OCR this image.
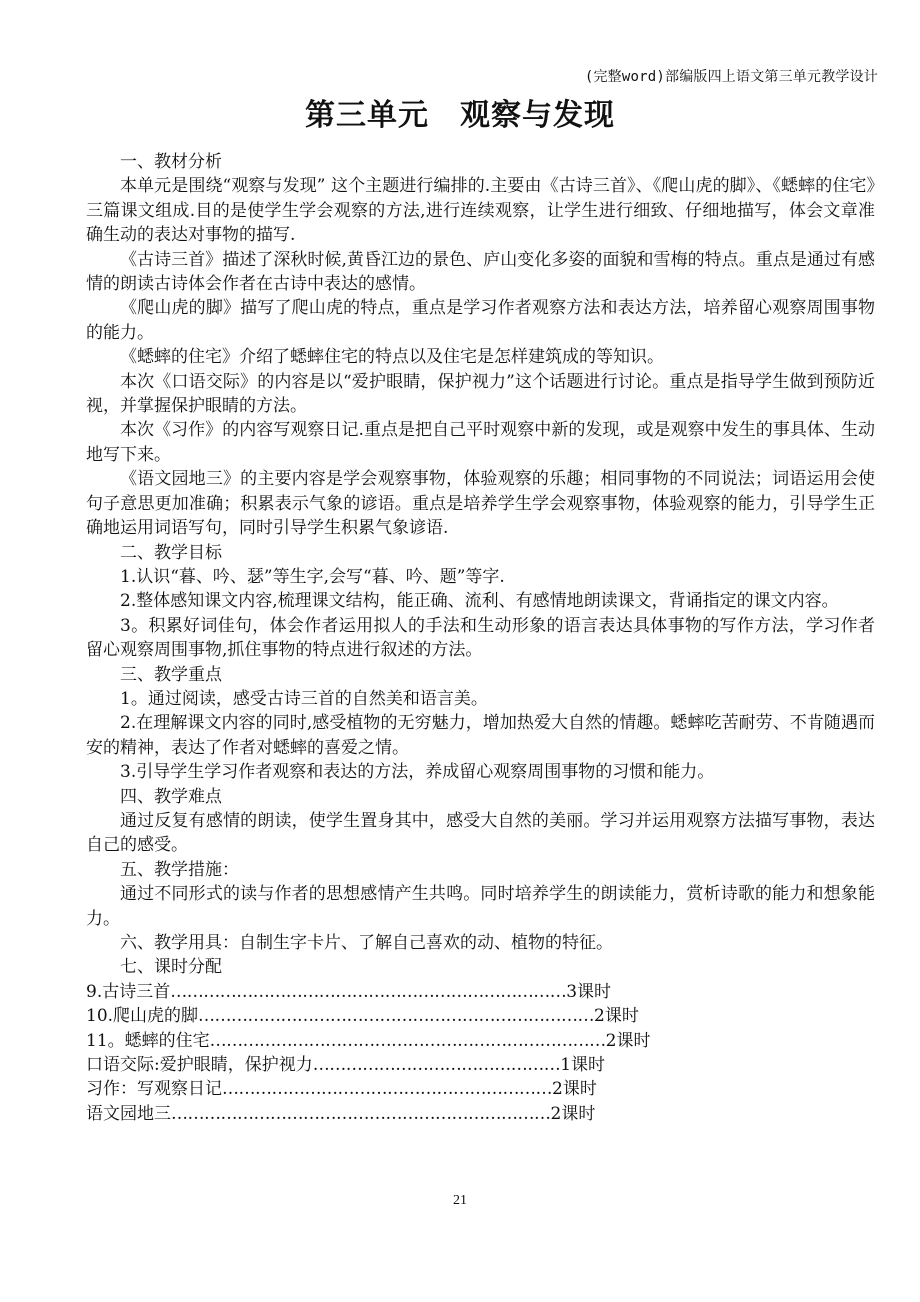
(完整word)部编版四上语文第三单元教学设计
第三单元　观察与发现

一、教材分析

本单元是围绕“观察与发现” 这个主题进行编排的.主要由《古诗三首》、《爬山虎的脚》、《蟋蟀的住宅》三篇课文组成.目的是使学生学会观察的方法,进行连续观察，让学生进行细致、仔细地描写，体会文章准确生动的表达对事物的描写.

《古诗三首》描述了深秋时候,黄昏江边的景色、庐山变化多姿的面貌和雪梅的特点。重点是通过有感情的朗读古诗体会作者在古诗中表达的感情。

《爬山虎的脚》描写了爬山虎的特点，重点是学习作者观察方法和表达方法，培养留心观察周围事物的能力。

《蟋蟀的住宅》介绍了蟋蟀住宅的特点以及住宅是怎样建筑成的等知识。

本次《口语交际》的内容是以“爱护眼睛，保护视力”这个话题进行讨论。重点是指导学生做到预防近视，并掌握保护眼睛的方法。

本次《习作》的内容写观察日记.重点是把自己平时观察中新的发现，或是观察中发生的事具体、生动地写下来。

《语文园地三》的主要内容是学会观察事物，体验观察的乐趣；相同事物的不同说法；词语运用会使句子意思更加准确；积累表示气象的谚语。重点是培养学生学会观察事物，体验观察的能力，引导学生正确地运用词语写句，同时引导学生积累气象谚语.

二、教学目标

1.认识“暮、吟、瑟”等生字,会写“暮、吟、题”等字.

2.整体感知课文内容,梳理课文结构，能正确、流利、有感情地朗读课文，背诵指定的课文内容。

3。积累好词佳句，体会作者运用拟人的手法和生动形象的语言表达具体事物的写作方法，学习作者留心观察周围事物,抓住事物的特点进行叙述的方法。

三、教学重点

1。通过阅读，感受古诗三首的自然美和语言美。

2.在理解课文内容的同时,感受植物的无穷魅力，增加热爱大自然的情趣。蟋蟀吃苦耐劳、不肯随遇而安的精神，表达了作者对蟋蟀的喜爱之情。

3.引导学生学习作者观察和表达的方法，养成留心观察周围事物的习惯和能力。

四、教学难点

通过反复有感情的朗读，使学生置身其中，感受大自然的美丽。学习并运用观察方法描写事物，表达自己的感受。

五、教学措施：

通过不同形式的读与作者的思想感情产生共鸣。同时培养学生的朗读能力，赏析诗歌的能力和想象能力。

六、教学用具：自制生字卡片、了解自己喜欢的动、植物的特征。

七、课时分配

9.古诗三首 ……………………………………………………………… 3课时
10.爬山虎的脚 ……………………………………………………………… 2课时
11。蟋蟀的住宅 ……………………………………………………………… 2课时
口语交际:爱护眼睛，保护视力 ……………………………………… 1课时
习作：写观察日记 …………………………………………………… 2课时
语文园地三 …………………………………………………………… 2课时
21
